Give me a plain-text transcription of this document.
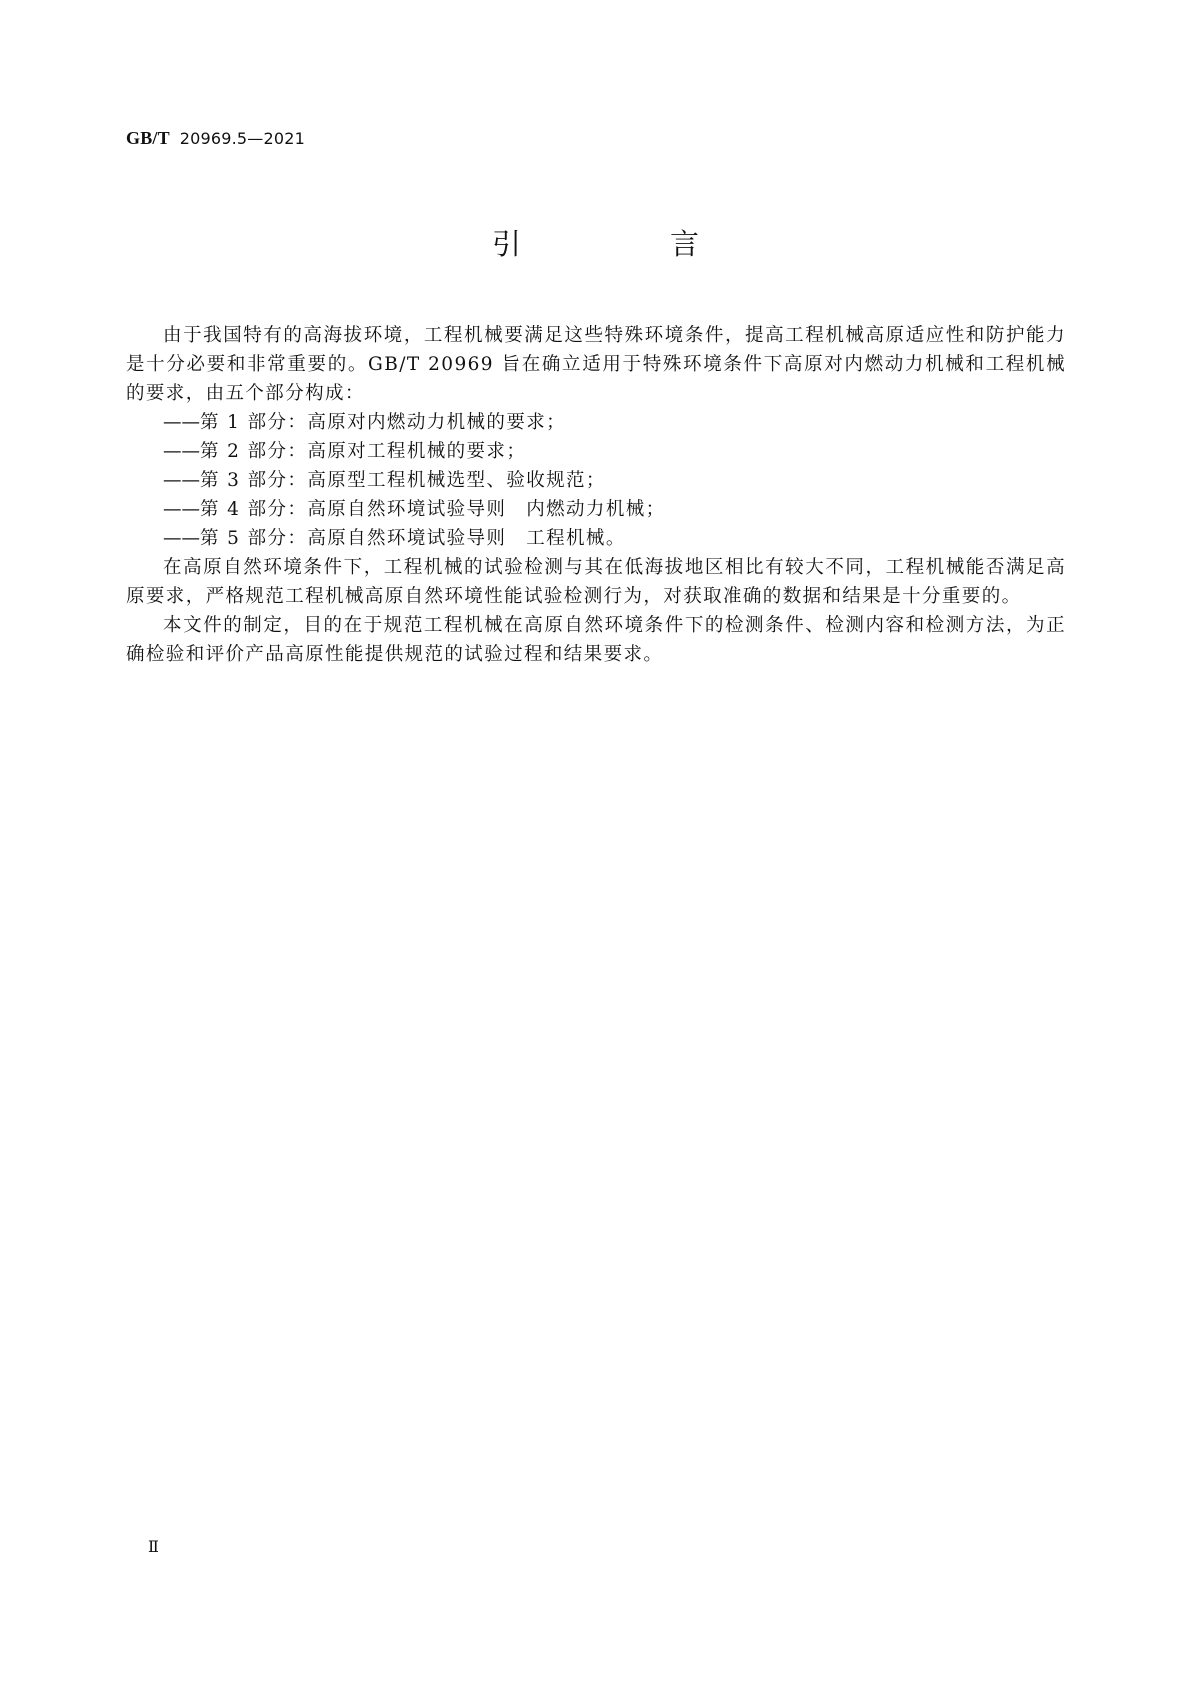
GB/T 20969.5—2021
引　言

由于我国特有的高海拔环境，工程机械要满足这些特殊环境条件，提高工程机械高原适应性和防护能力是十分必要和非常重要的。GB/T 20969 旨在确立适用于特殊环境条件下高原对内燃动力机械和工程机械的要求，由五个部分构成：

——第 1 部分：高原对内燃动力机械的要求；
——第 2 部分：高原对工程机械的要求；
——第 3 部分：高原型工程机械选型、验收规范；
——第 4 部分：高原自然环境试验导则　内燃动力机械；
——第 5 部分：高原自然环境试验导则　工程机械。

在高原自然环境条件下，工程机械的试验检测与其在低海拔地区相比有较大不同，工程机械能否满足高原要求，严格规范工程机械高原自然环境性能试验检测行为，对获取准确的数据和结果是十分重要的。

本文件的制定，目的在于规范工程机械在高原自然环境条件下的检测条件、检测内容和检测方法，为正确检验和评价产品高原性能提供规范的试验过程和结果要求。

Ⅱ
